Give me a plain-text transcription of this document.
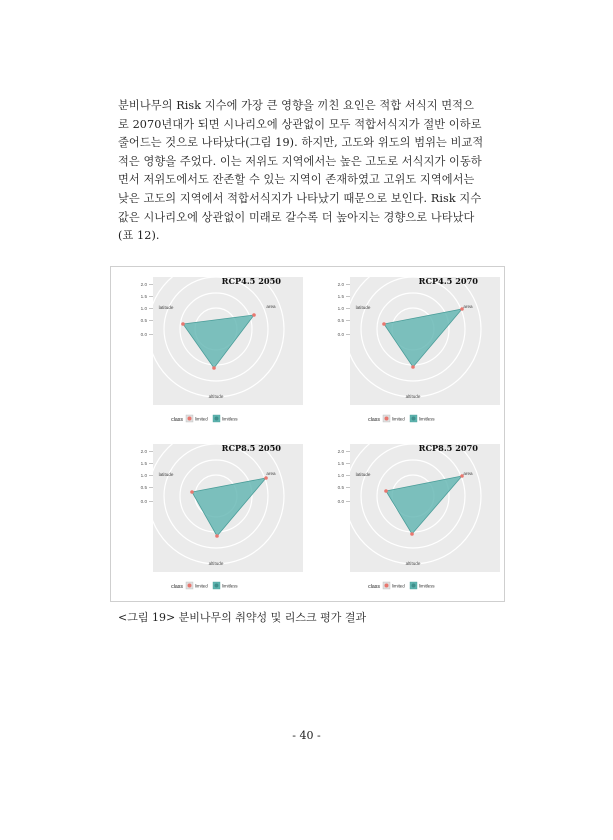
분비나무의 Risk 지수에 가장 큰 영향을 끼친 요인은 적합 서식지 면적으
로 2070년대가 되면 시나리오에 상관없이 모두 적합서식지가 절반 이하로
줄어드는 것으로 나타났다(그림 19). 하지만, 고도와 위도의 범위는 비교적
적은 영향을 주었다. 이는 저위도 지역에서는 높은 고도로 서식지가 이동하
면서 저위도에서도 잔존할 수 있는 지역이 존재하였고 고위도 지역에서는
낮은 고도의 지역에서 적합서식지가 나타났기 때문으로 보인다. Risk 지수
값은 시나리오에 상관없이 미래로 갈수록 더 높아지는 경향으로 나타났다
(표 12).
2.0
1.5
1.0
0.5
0.0
RCP4.5 2050
latitude	area
altitude
class	limited	limitless
2.0
1.5
1.0
0.5
0.0
RCP4.5 2070
latitude	area
altitude
class	limited	limitless
2.0
1.5
1.0
0.5
0.0
RCP8.5 2050
latitude	area
altitude
class	limited	limitless
2.0
1.5
1.0
0.5
0.0
RCP8.5 2070
latitude	area
altitude
class	limited	limitless
<그림 19> 분비나무의 취약성 및 리스크 평가 결과
- 40 -
